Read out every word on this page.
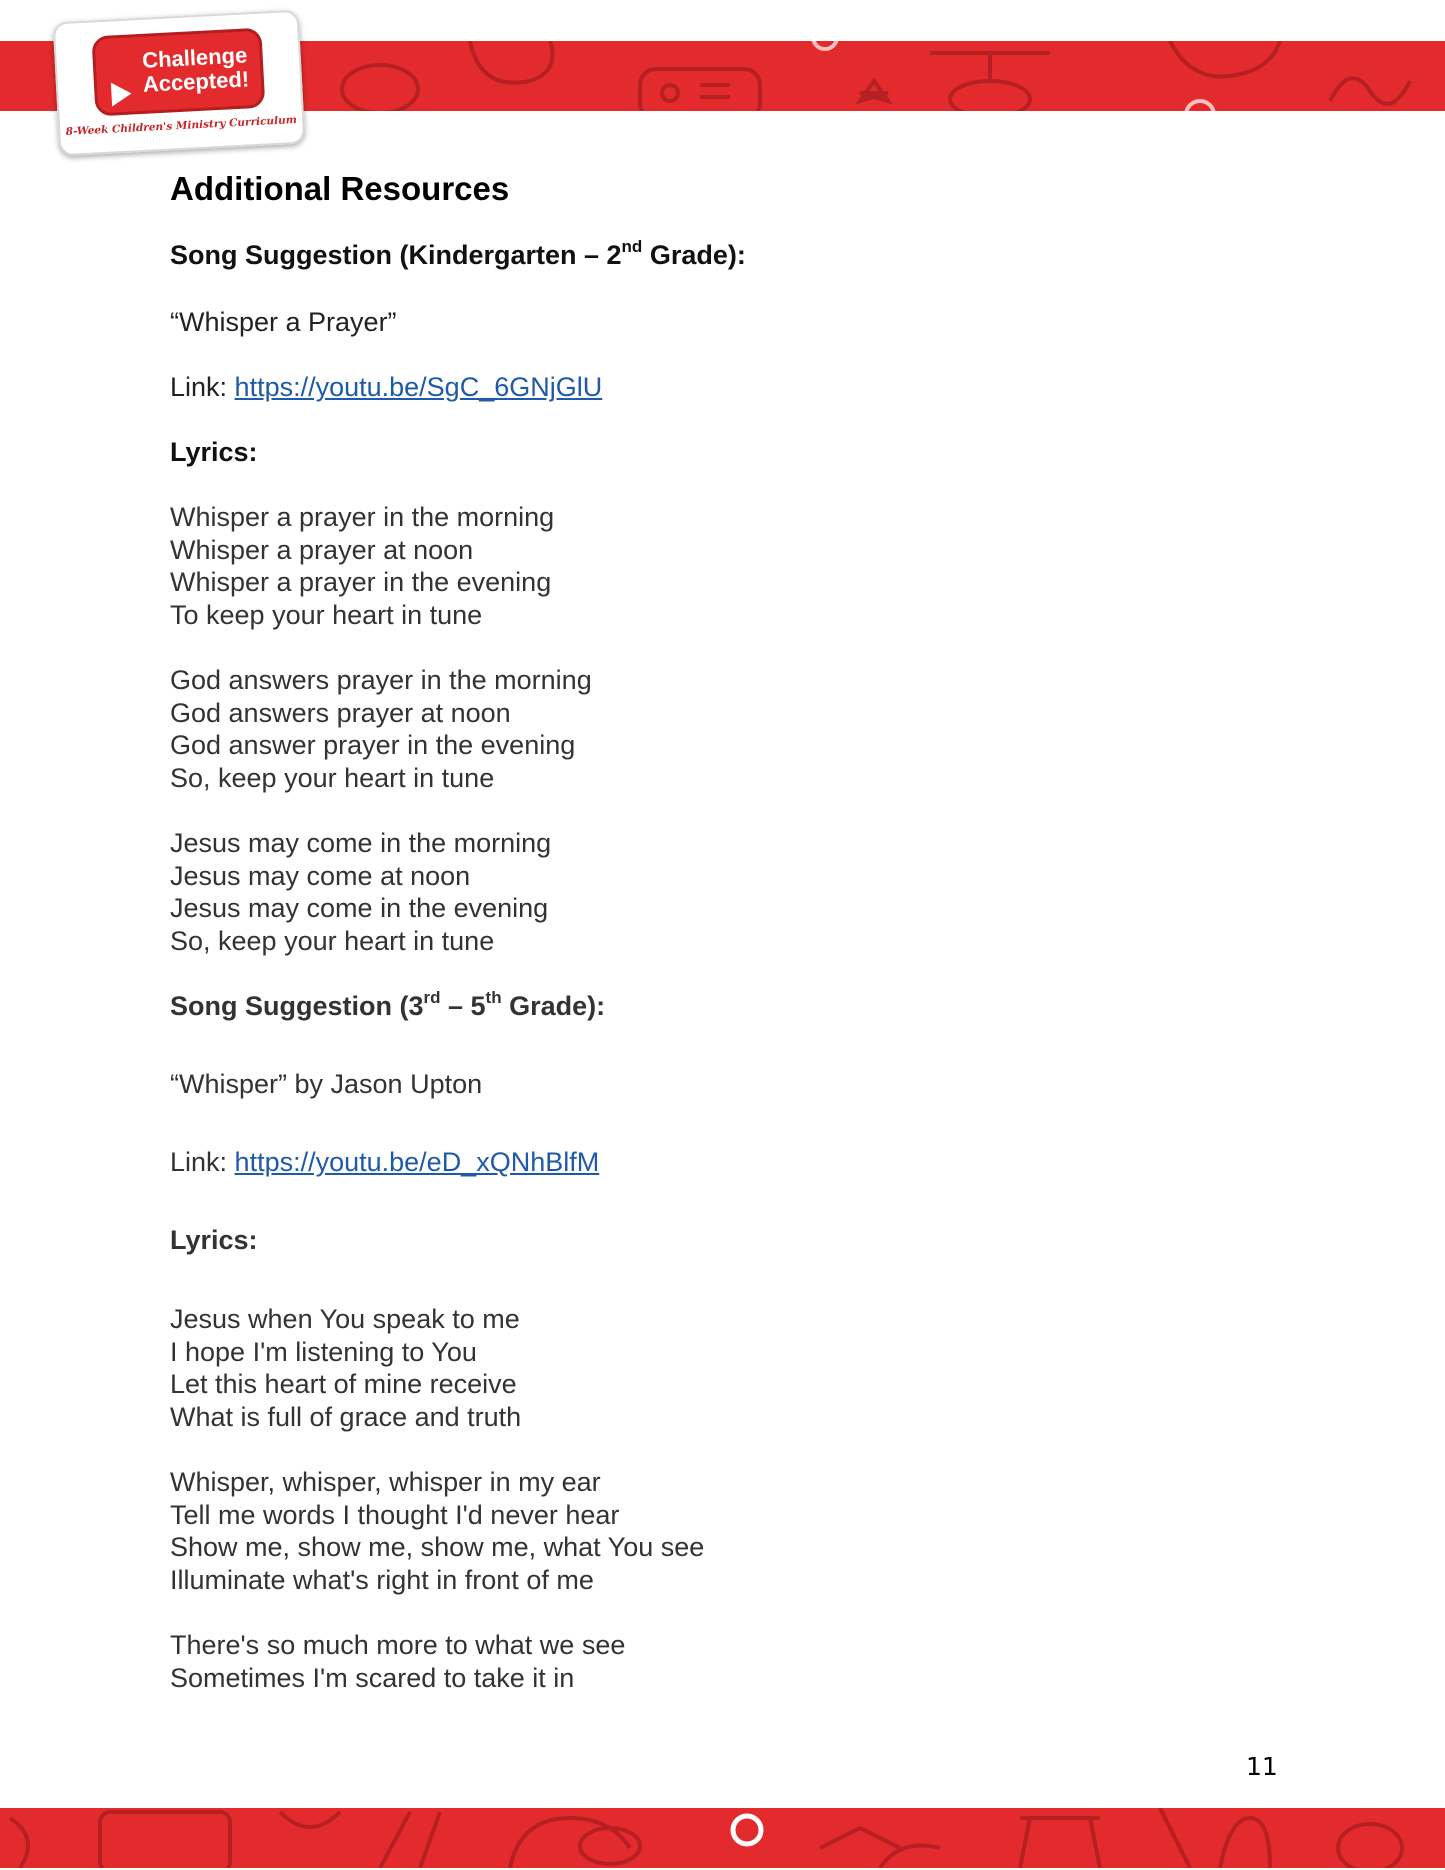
Challenge
Accepted!
8-Week Children's Ministry Curriculum
Additional Resources
Song Suggestion (Kindergarten – 2nd Grade):
“Whisper a Prayer”
Link: https://youtu.be/SgC_6GNjGlU
Lyrics:
Whisper a prayer in the morning
Whisper a prayer at noon
Whisper a prayer in the evening
To keep your heart in tune
God answers prayer in the morning
God answers prayer at noon
God answer prayer in the evening
So, keep your heart in tune
Jesus may come in the morning
Jesus may come at noon
Jesus may come in the evening
So, keep your heart in tune
Song Suggestion (3rd – 5th Grade):
“Whisper” by Jason Upton
Link: https://youtu.be/eD_xQNhBlfM
Lyrics:
Jesus when You speak to me
I hope I'm listening to You
Let this heart of mine receive
What is full of grace and truth
Whisper, whisper, whisper in my ear
Tell me words I thought I'd never hear
Show me, show me, show me, what You see
Illuminate what's right in front of me
There's so much more to what we see
Sometimes I'm scared to take it in
11
